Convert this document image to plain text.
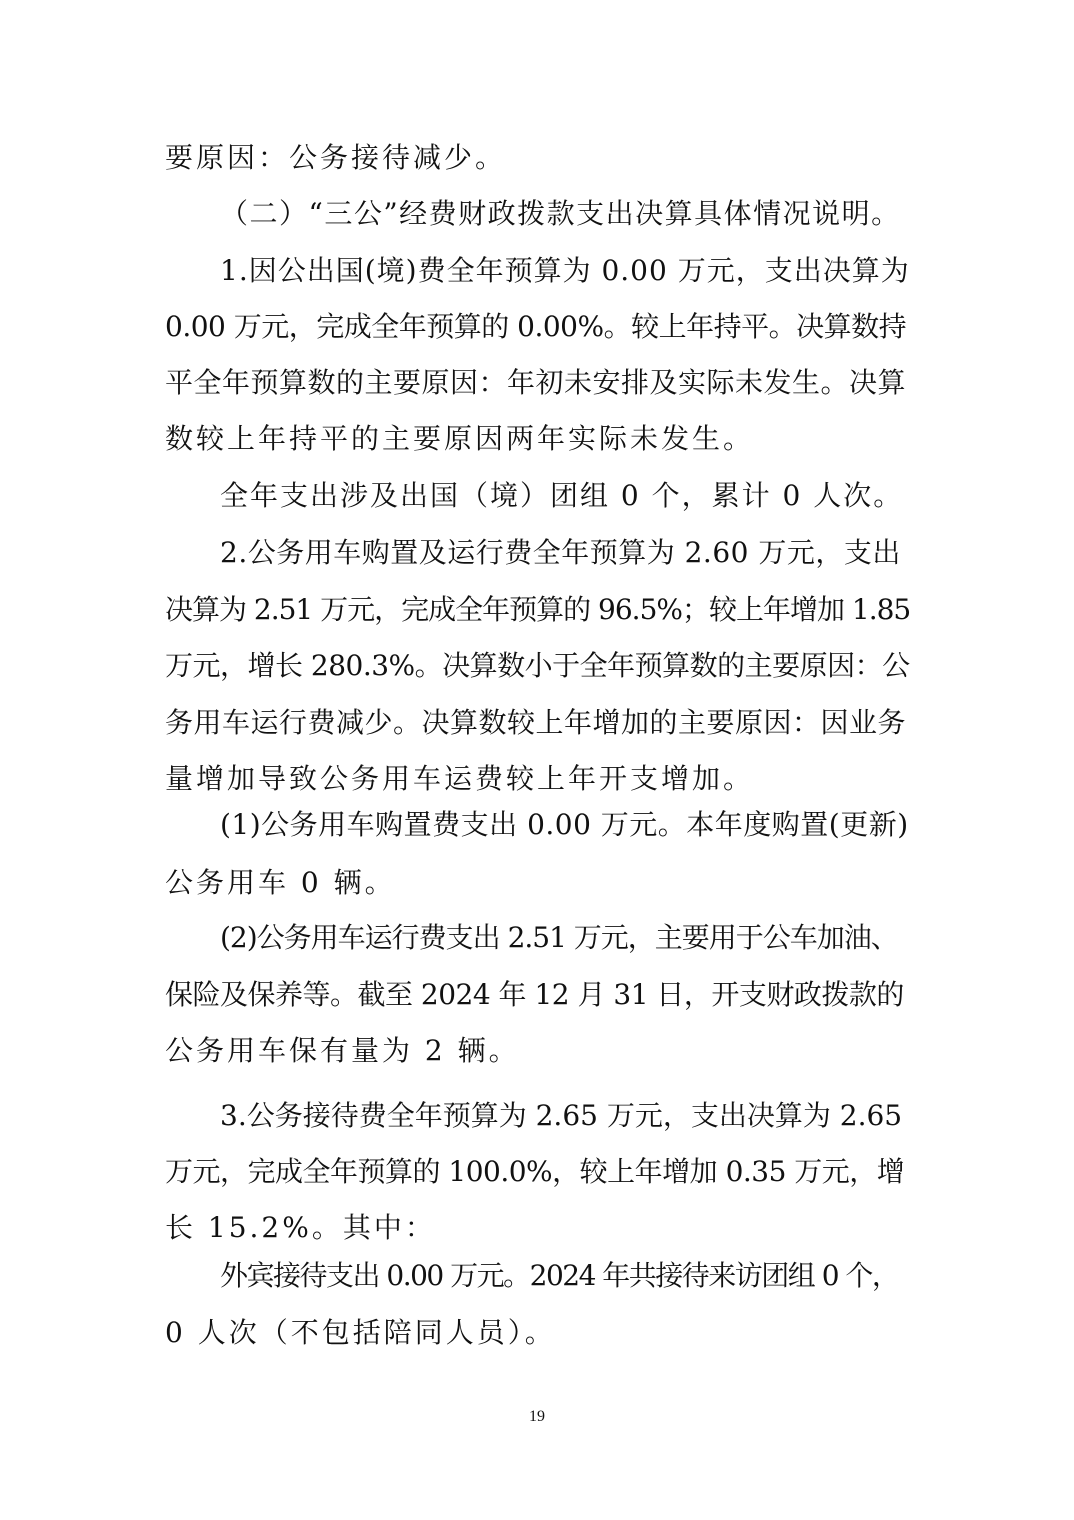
要原因：公务接待减少。
（二）“三公”经费财政拨款支出决算具体情况说明。
1.因公出国(境)费全年预算为 0.00 万元，支出决算为
0.00 万元，完成全年预算的 0.00%。较上年持平。决算数持
平全年预算数的主要原因：年初未安排及实际未发生。决算
数较上年持平的主要原因两年实际未发生。
全年支出涉及出国（境）团组 0 个，累计 0 人次。
2.公务用车购置及运行费全年预算为 2.60 万元，支出
决算为 2.51 万元，完成全年预算的 96.5%；较上年增加 1.85
万元，增长 280.3%。决算数小于全年预算数的主要原因：公
务用车运行费减少。决算数较上年增加的主要原因：因业务
量增加导致公务用车运费较上年开支增加。
(1)公务用车购置费支出 0.00 万元。本年度购置(更新)
公务用车 0 辆。
(2)公务用车运行费支出 2.51 万元，主要用于公车加油、
保险及保养等。截至 2024 年 12 月 31 日，开支财政拨款的
公务用车保有量为 2 辆。
3.公务接待费全年预算为 2.65 万元，支出决算为 2.65
万元，完成全年预算的 100.0%，较上年增加 0.35 万元，增
长 15.2%。其中：
外宾接待支出 0.00 万元。2024 年共接待来访团组 0 个，
0 人次（不包括陪同人员）。
19
